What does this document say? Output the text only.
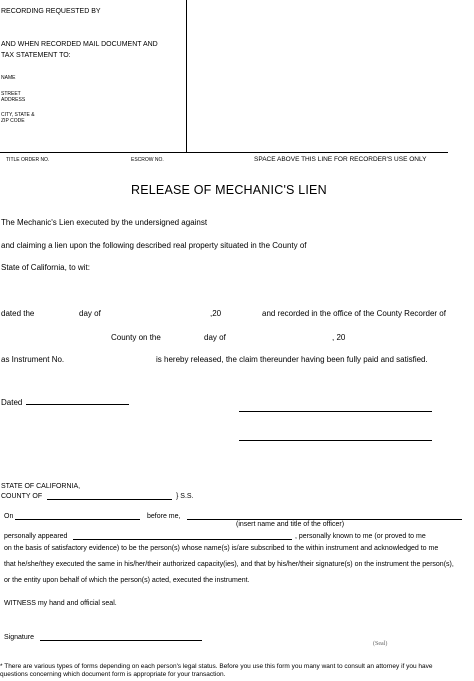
RECORDING REQUESTED BY
AND WHEN RECORDED MAIL DOCUMENT AND
TAX STATEMENT TO:
NAME
STREET
ADDRESS
CITY, STATE &
ZIP CODE
TITLE ORDER NO.	ESCROW NO.	SPACE ABOVE THIS LINE FOR RECORDER'S USE ONLY
RELEASE OF MECHANIC'S LIEN
The Mechanic's Lien executed by the undersigned against
and claiming a lien upon the following described real property situated in the County of
State of California, to wit:
dated the	day of	,20	and recorded in the office of the County Recorder of
County on the	day of	, 20
as Instrument No.	is hereby released, the claim thereunder having been fully paid and satisfied.
Dated
STATE OF CALIFORNIA,
COUNTY OF	} S.S.
On	before me,
(insert name and title of the officer)
personally appeared	, personally known to me (or proved to me
on the basis of satisfactory evidence) to be the person(s) whose name(s) is/are subscribed to the within instrument and acknowledged to me
that he/she/they executed the same in his/her/their authorized capacity(ies), and that by his/her/their signature(s) on the instrument the person(s),
or the entity upon behalf of which the person(s) acted, executed the instrument.
WITNESS my hand and official seal.
Signature
(Seal)
* There are various types of forms depending on each person's legal status. Before you use this form you many want to consult an attorney if you have
questions concerning which document form is appropriate for your transaction.
